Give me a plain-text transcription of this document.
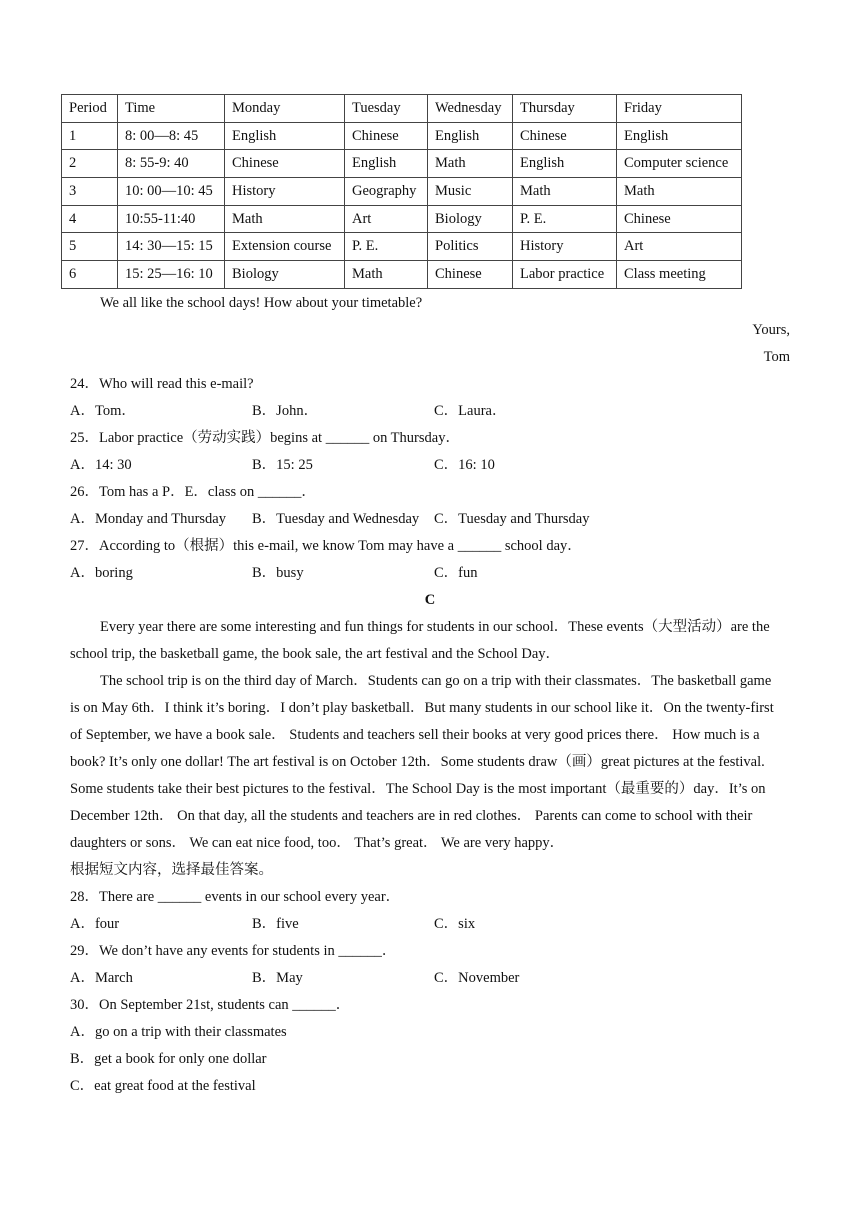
Period	Time	Monday	Tuesday	Wednesday	Thursday	Friday
1	8: 00—8: 45	English	Chinese	English	Chinese	English
2	8: 55-9: 40	Chinese	English	Math	English	Computer science
3	10: 00—10: 45	History	Geography	Music	Math	Math
4	10:55-11:40	Math	Art	Biology	P. E.	Chinese
5	14: 30—15: 15	Extension course	P. E.	Politics	History	Art
6	15: 25—16: 10	Biology	Math	Chinese	Labor practice	Class meeting
We all like the school days! How about your timetable?
Yours,
Tom
24．Who will read this e-mail?
A．Tom．	B．John．	C．Laura．
25．Labor practice（劳动实践）begins at ______ on Thursday．
A．14: 30	B．15: 25	C．16: 10
26．Tom has a P．E．class on ______．
A．Monday and Thursday B．Tuesday and Wednesday C．Tuesday and Thursday
27．According to（根据）this e-mail, we know Tom may have a ______ school day．
A．boring	B．busy	C．fun
C
Every year there are some interesting and fun things for students in our school．These events（大型活动）are the
school trip, the basketball game, the book sale, the art festival and the School Day．
The school trip is on the third day of March．Students can go on a trip with their classmates．The basketball game
is on May 6th．I think it’s boring．I don’t play basketball．But many students in our school like it．On the twenty-first
of September, we have a book sale． Students and teachers sell their books at very good prices there． How much is a
book? It’s only one dollar! The art festival is on October 12th．Some students draw（画）great pictures at the festival.
Some students take their best pictures to the festival．The School Day is the most important（最重要的）day．It’s on
December 12th． On that day, all the students and teachers are in red clothes． Parents can come to school with their
daughters or sons． We can eat nice food, too． That’s great． We are very happy．
根据短文内容，选择最佳答案。
28．There are ______ events in our school every year．
A．four	B．five	C．six
29．We don’t have any events for students in ______．
A．March	B．May	C．November
30．On September 21st, students can ______．
A．go on a trip with their classmates
B．get a book for only one dollar
C．eat great food at the festival
